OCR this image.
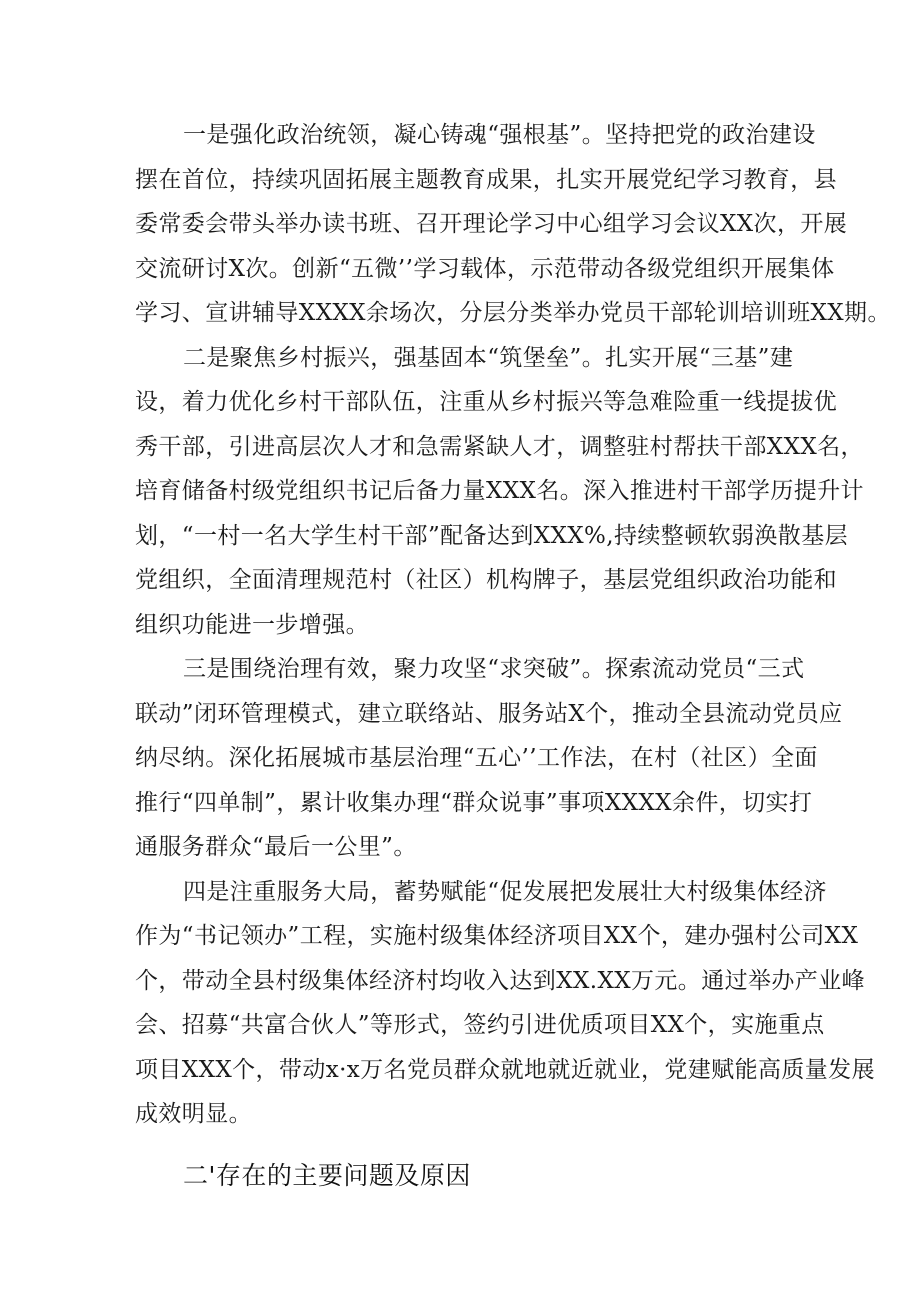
一是强化政治统领，凝心铸魂“强根基”。坚持把党的政治建设
摆在首位，持续巩固拓展主题教育成果，扎实开展党纪学习教育，县
委常委会带头举办读书班、召开理论学习中心组学习会议XX次，开展
交流研讨X次。创新“五微’’学习载体，示范带动各级党组织开展集体
学习、宣讲辅导XXXX余场次，分层分类举办党员干部轮训培训班XX期。

二是聚焦乡村振兴，强基固本“筑堡垒”。扎实开展“三基”建
设，着力优化乡村干部队伍，注重从乡村振兴等急难险重一线提拔优
秀干部，引进高层次人才和急需紧缺人才，调整驻村帮扶干部XXX名，
培育储备村级党组织书记后备力量XXX名。深入推进村干部学历提升计
划，“一村一名大学生村干部”配备达到XXX%,持续整顿软弱涣散基层
党组织，全面清理规范村（社区）机构牌子，基层党组织政治功能和
组织功能进一步增强。

三是围绕治理有效，聚力攻坚“求突破”。探索流动党员“三式
联动”闭环管理模式，建立联络站、服务站X个，推动全县流动党员应
纳尽纳。深化拓展城市基层治理“五心’’工作法，在村（社区）全面
推行“四单制”，累计收集办理“群众说事”事项XXXX余件，切实打
通服务群众“最后一公里”。

四是注重服务大局，蓄势赋能“促发展把发展壮大村级集体经济
作为“书记领办”工程，实施村级集体经济项目XX个，建办强村公司XX
个，带动全县村级集体经济村均收入达到XX.XX万元。通过举办产业峰
会、招募“共富合伙人”等形式，签约引进优质项目XX个，实施重点
项目XXX个，带动x·x万名党员群众就地就近就业，党建赋能高质量发展
成效明显。

二'存在的主要问题及原因
